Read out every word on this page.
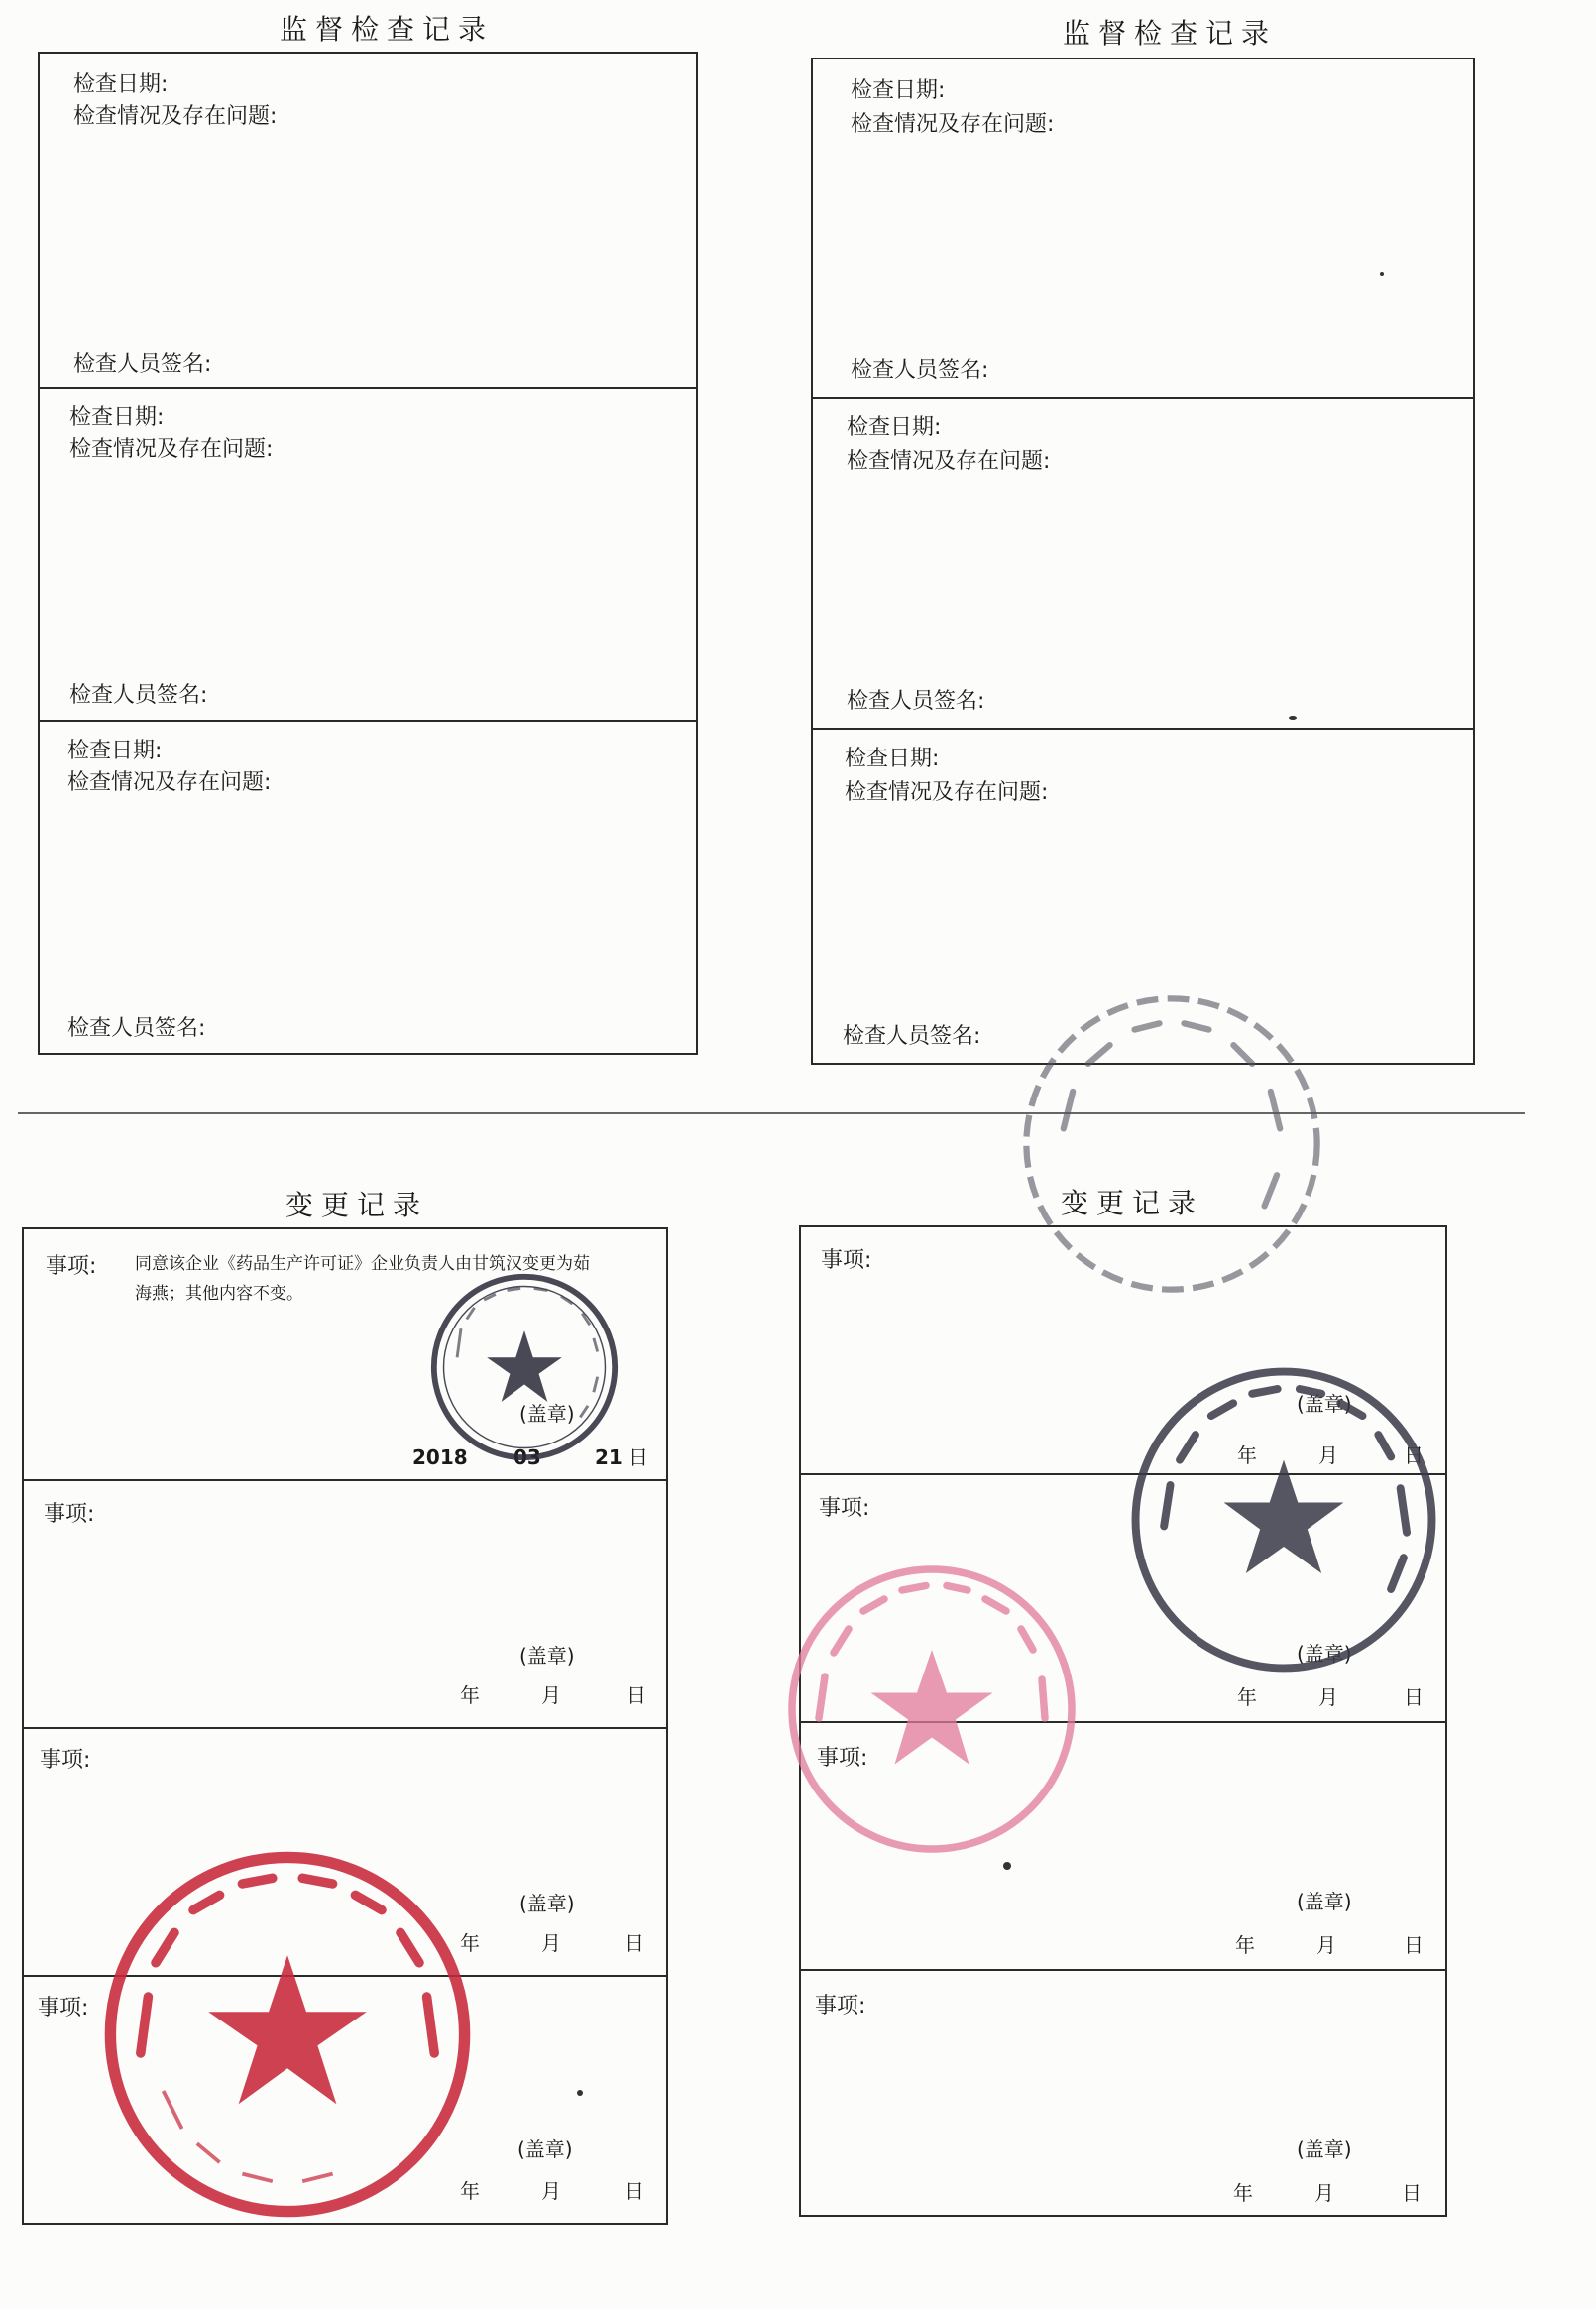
监督检查记录
检查日期:
检查情况及存在问题:
检查人员签名:
检查日期:
检查情况及存在问题:
检查人员签名:
检查日期:
检查情况及存在问题:
检查人员签名:
监督检查记录
检查日期:
检查情况及存在问题:
检查人员签名:
检查日期:
检查情况及存在问题:
检查人员签名:
检查日期:
检查情况及存在问题:
检查人员签名:
变更记录
事项: 同意该企业《药品生产许可证》企业负责人由甘筑汉变更为茹
海燕；其他内容不变。
(盖章)
2018 03	21 日
事项:
(盖章)
年	月	日
事项:
(盖章)
年	月	日
事项:
(盖章)
年	月	日
变更记录
事项:
(盖章)
年	月	日
事项:
(盖章)
年	月	日
事项:
(盖章)
年	月	日
事项:
(盖章)
年	月	日
